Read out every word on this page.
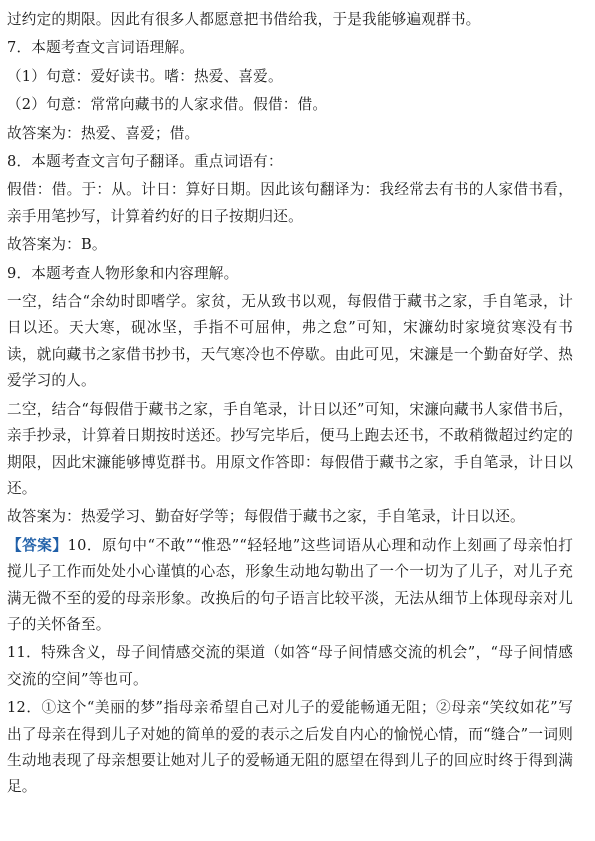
过约定的期限。因此有很多人都愿意把书借给我，于是我能够遍观群书。

7．本题考查文言词语理解。

（1）句意：爱好读书。嗜：热爱、喜爱。

（2）句意：常常向藏书的人家求借。假借：借。

故答案为：热爱、喜爱；借。

8．本题考查文言句子翻译。重点词语有：

假借：借。于：从。计日：算好日期。因此该句翻译为：我经常去有书的人家借书看，亲手用笔抄写，计算着约好的日子按期归还。

故答案为：B。

9．本题考查人物形象和内容理解。

一空，结合“余幼时即嗜学。家贫，无从致书以观，每假借于藏书之家，手自笔录，计日以还。天大寒，砚冰坚，手指不可屈伸，弗之怠”可知，宋濂幼时家境贫寒没有书读，就向藏书之家借书抄书，天气寒冷也不停歇。由此可见，宋濂是一个勤奋好学、热爱学习的人。

二空，结合“每假借于藏书之家，手自笔录，计日以还”可知，宋濂向藏书人家借书后，亲手抄录，计算着日期按时送还。抄写完毕后，便马上跑去还书，不敢稍微超过约定的期限，因此宋濂能够博览群书。用原文作答即：每假借于藏书之家，手自笔录，计日以还。

故答案为：热爱学习、勤奋好学等；每假借于藏书之家，手自笔录，计日以还。

【答案】10．原句中“不敢”“惟恐”“轻轻地”这些词语从心理和动作上刻画了母亲怕打搅儿子工作而处处小心谨慎的心态，形象生动地勾勒出了一个一切为了儿子，对儿子充满无微不至的爱的母亲形象。改换后的句子语言比较平淡，无法从细节上体现母亲对儿子的关怀备至。

11．特殊含义，母子间情感交流的渠道（如答“母子间情感交流的机会”，“母子间情感交流的空间”等也可。

12．①这个“美丽的梦”指母亲希望自己对儿子的爱能畅通无阻；②母亲“笑纹如花”写出了母亲在得到儿子对她的简单的爱的表示之后发自内心的愉悦心情，而“缝合”一词则生动地表现了母亲想要让她对儿子的爱畅通无阻的愿望在得到儿子的回应时终于得到满足。
